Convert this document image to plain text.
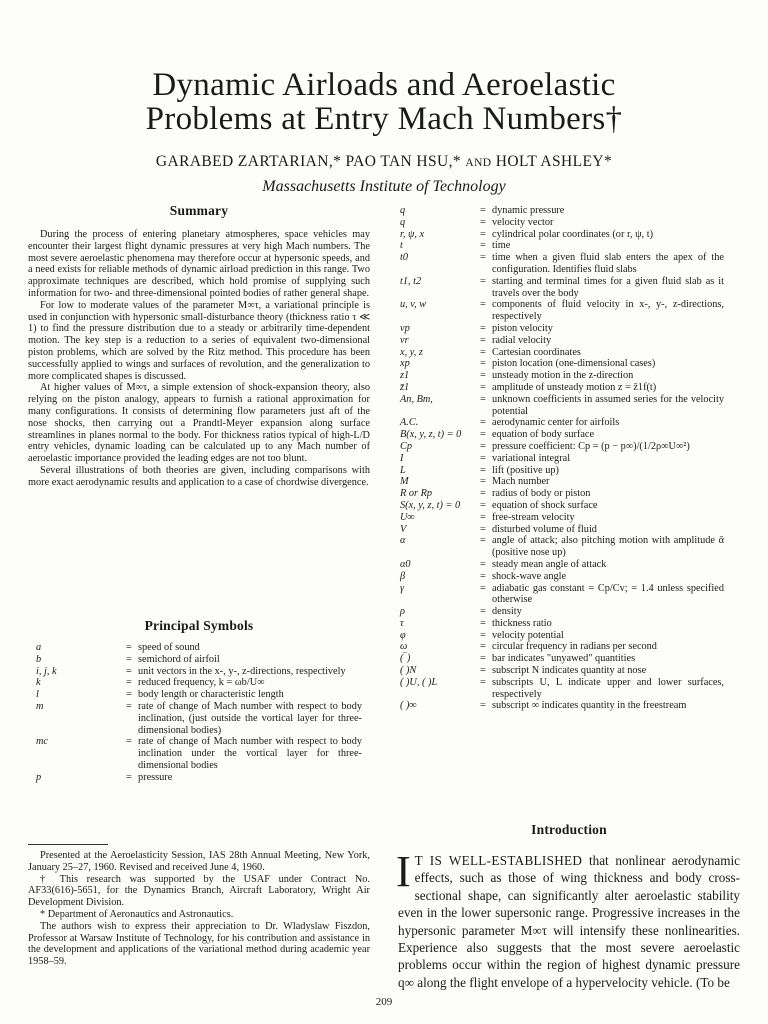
Dynamic Airloads and Aeroelastic
Problems at Entry Mach Numbers†
GARABED ZARTARIAN,* PAO TAN HSU,* AND HOLT ASHLEY*
Massachusetts Institute of Technology
Summary

During the process of entering planetary atmospheres, space vehicles may encounter their largest flight dynamic pressures at very high Mach numbers. The most severe aeroelastic phenomena may therefore occur at hypersonic speeds, and a need exists for reliable methods of dynamic airload prediction in this range. Two approximate techniques are described, which hold promise of supplying such information for two- and three-dimensional pointed bodies of rather general shape.

For low to moderate values of the parameter M∞τ, a variational principle is used in conjunction with hypersonic small-disturbance theory (thickness ratio τ ≪ 1) to find the pressure distribution due to a steady or arbitrarily time-dependent motion. The key step is a reduction to a series of equivalent two-dimensional piston problems, which are solved by the Ritz method. This procedure has been successfully applied to wings and surfaces of revolution, and the generalization to more complicated shapes is discussed.

At higher values of M∞τ, a simple extension of shock-expansion theory, also relying on the piston analogy, appears to furnish a rational approximation for many configurations. It consists of determining flow parameters just aft of the nose shocks, then carrying out a Prandtl-Meyer expansion along surface streamlines in planes normal to the body. For thickness ratios typical of high-L/D entry vehicles, dynamic loading can be calculated up to any Mach number of aeroelastic importance provided the leading edges are not too blunt.

Several illustrations of both theories are given, including comparisons with more exact aerodynamic results and application to a case of chordwise divergence.

Principal Symbols
a	= speed of sound
b	= semichord of airfoil
i, j, k	= unit vectors in the x-, y-, z-directions, respectively
k	= reduced frequency, k = ωb/U∞
l	= body length or characteristic length
m	= rate of change of Mach number with respect to body inclination, (just outside the vortical layer for three-dimensional bodies)
mc	= rate of change of Mach number with respect to body inclination under the vortical layer for three-dimensional bodies
p	= pressure

Presented at the Aeroelasticity Session, IAS 28th Annual Meeting, New York, January 25–27, 1960. Revised and received June 4, 1960.

† This research was supported by the USAF under Contract No. AF33(616)-5651, for the Dynamics Branch, Aircraft Laboratory, Wright Air Development Division.

* Department of Aeronautics and Astronautics.

The authors wish to express their appreciation to Dr. Wladyslaw Fiszdon, Professor at Warsaw Institute of Technology, for his contribution and assistance in the development and applications of the variational method during academic year 1958–59.

q	= dynamic pressure
q	= velocity vector
r, ψ, x	= cylindrical polar coordinates (or r, ψ, t)
t	= time
t0	= time when a given fluid slab enters the apex of the configuration. Identifies fluid slabs
t1, t2	= starting and terminal times for a given fluid slab as it travels over the body
u, v, w	= components of fluid velocity in x-, y-, z-directions, respectively
vp	= piston velocity
vr	= radial velocity
x, y, z	= Cartesian coordinates
xp	= piston location (one-dimensional cases)
z1	= unsteady motion in the z-direction
z̄1	= amplitude of unsteady motion z = z̄1f(t)
An, Bm,	= unknown coefficients in assumed series for the velocity potential
A.C.	= aerodynamic center for airfoils
B(x, y, z, t) = 0	= equation of body surface
Cp	= pressure coefficient: Cp = (p − p∞)/(1/2ρ∞U∞²)
I	= variational integral
L	= lift (positive up)
M	= Mach number
R or Rp	= radius of body or piston
S(x, y, z, t) = 0	= equation of shock surface
U∞	= free-stream velocity
V	= disturbed volume of fluid
α	= angle of attack; also pitching motion with amplitude ᾱ (positive nose up)
α0	= steady mean angle of attack
β	= shock-wave angle
γ	= adiabatic gas constant = Cp/Cv; = 1.4 unless specified otherwise
ρ	= density
τ	= thickness ratio
φ	= velocity potential
ω	= circular frequency in radians per second
(‾)	= bar indicates "unyawed" quantities
( )N	= subscript N indicates quantity at nose
( )U, ( )L	= subscripts U, L indicate upper and lower surfaces, respectively
( )∞	= subscript ∞ indicates quantity in the freestream
Introduction
I T IS WELL-ESTABLISHED that nonlinear aerodynamic effects, such as those of wing thickness and body cross-sectional shape, can significantly alter aeroelastic stability even in the lower supersonic range. Progressive increases in the hypersonic parameter M∞τ will intensify these nonlinearities. Experience also suggests that the most severe aeroelastic problems occur within the region of highest dynamic pressure q∞ along the flight envelope of a hypervelocity vehicle. (To be
209
